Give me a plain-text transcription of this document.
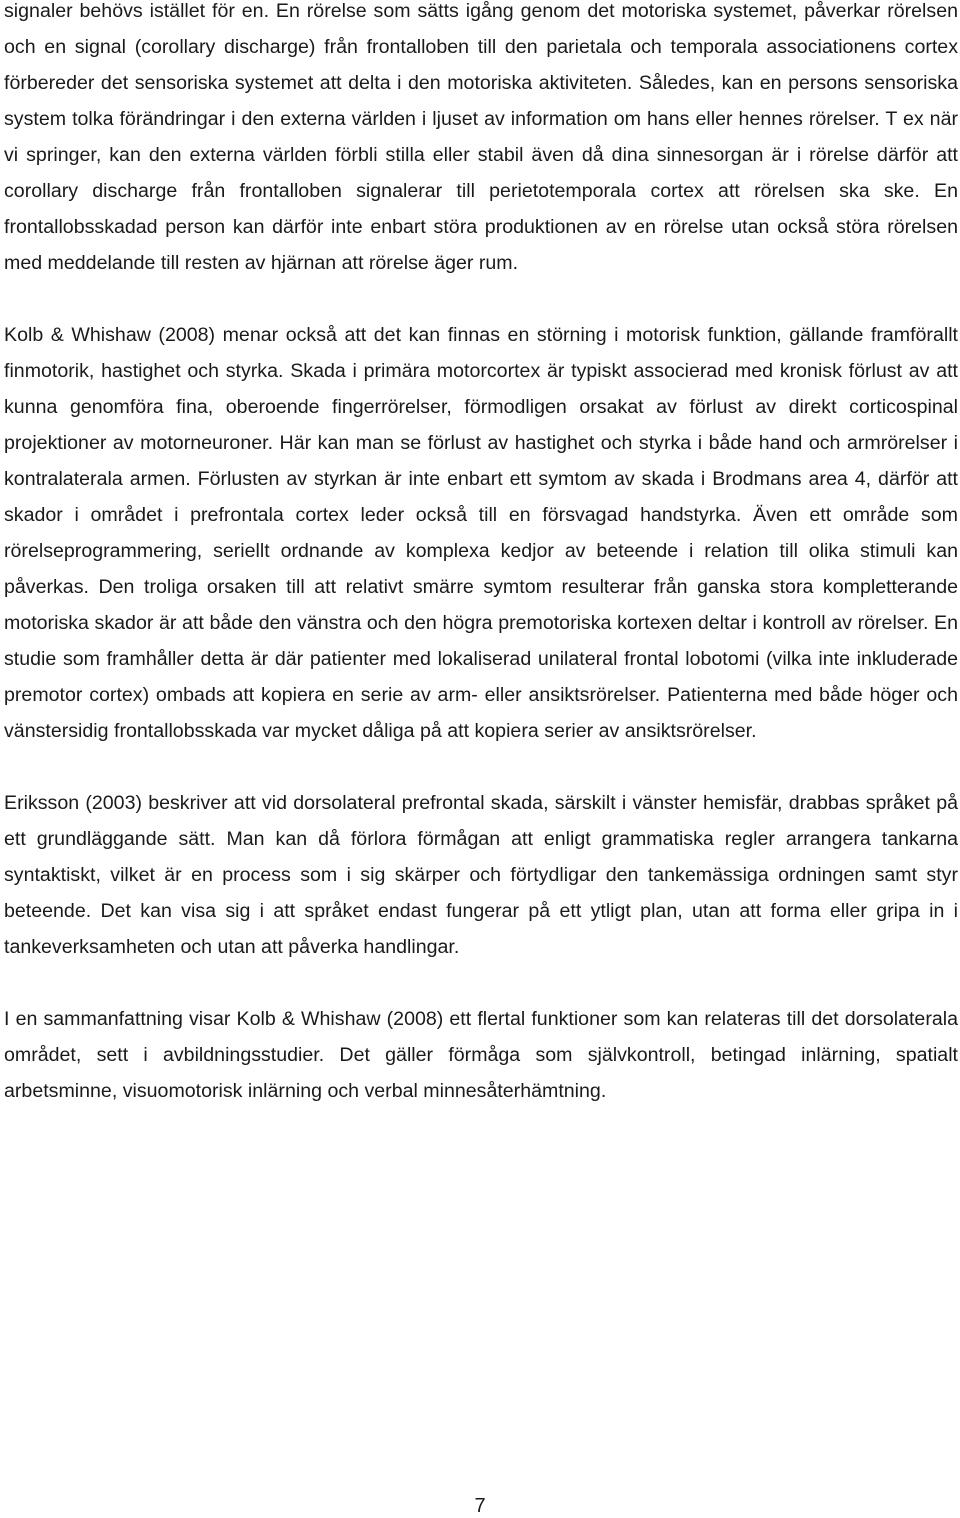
signaler behövs istället för en. En rörelse som sätts igång genom det motoriska systemet, påverkar rörelsen och en signal (corollary discharge) från frontalloben till den parietala och temporala associationens cortex förbereder det sensoriska systemet att delta i den motoriska aktiviteten. Således, kan en persons sensoriska system tolka förändringar i den externa världen i ljuset av information om hans eller hennes rörelser. T ex när vi springer, kan den externa världen förbli stilla eller stabil även då dina sinnesorgan är i rörelse därför att corollary discharge från frontalloben signalerar till perietotemporala cortex att rörelsen ska ske. En frontallobsskadad person kan därför inte enbart störa produktionen av en rörelse utan också störa rörelsen med meddelande till resten av hjärnan att rörelse äger rum.

Kolb & Whishaw (2008) menar också att det kan finnas en störning i motorisk funktion, gällande framförallt finmotorik, hastighet och styrka. Skada i primära motorcortex är typiskt associerad med kronisk förlust av att kunna genomföra fina, oberoende fingerrörelser, förmodligen orsakat av förlust av direkt corticospinal projektioner av motorneuroner. Här kan man se förlust av hastighet och styrka i både hand och armrörelser i kontralaterala armen. Förlusten av styrkan är inte enbart ett symtom av skada i Brodmans area 4, därför att skador i området i prefrontala cortex leder också till en försvagad handstyrka. Även ett område som rörelseprogrammering, seriellt ordnande av komplexa kedjor av beteende i relation till olika stimuli kan påverkas. Den troliga orsaken till att relativt smärre symtom resulterar från ganska stora kompletterande motoriska skador är att både den vänstra och den högra premotoriska kortexen deltar i kontroll av rörelser. En studie som framhåller detta är där patienter med lokaliserad unilateral frontal lobotomi (vilka inte inkluderade premotor cortex) ombads att kopiera en serie av arm- eller ansiktsrörelser. Patienterna med både höger och vänstersidig frontallobsskada var mycket dåliga på att kopiera serier av ansiktsrörelser.

Eriksson (2003) beskriver att vid dorsolateral prefrontal skada, särskilt i vänster hemisfär, drabbas språket på ett grundläggande sätt. Man kan då förlora förmågan att enligt grammatiska regler arrangera tankarna syntaktiskt, vilket är en process som i sig skärper och förtydligar den tankemässiga ordningen samt styr beteende. Det kan visa sig i att språket endast fungerar på ett ytligt plan, utan att forma eller gripa in i tankeverksamheten och utan att påverka handlingar.

I en sammanfattning visar Kolb & Whishaw (2008) ett flertal funktioner som kan relateras till det dorsolaterala området, sett i avbildningsstudier. Det gäller förmåga som självkontroll, betingad inlärning, spatialt arbetsminne, visuomotorisk inlärning och verbal minnesåterhämtning.

7
